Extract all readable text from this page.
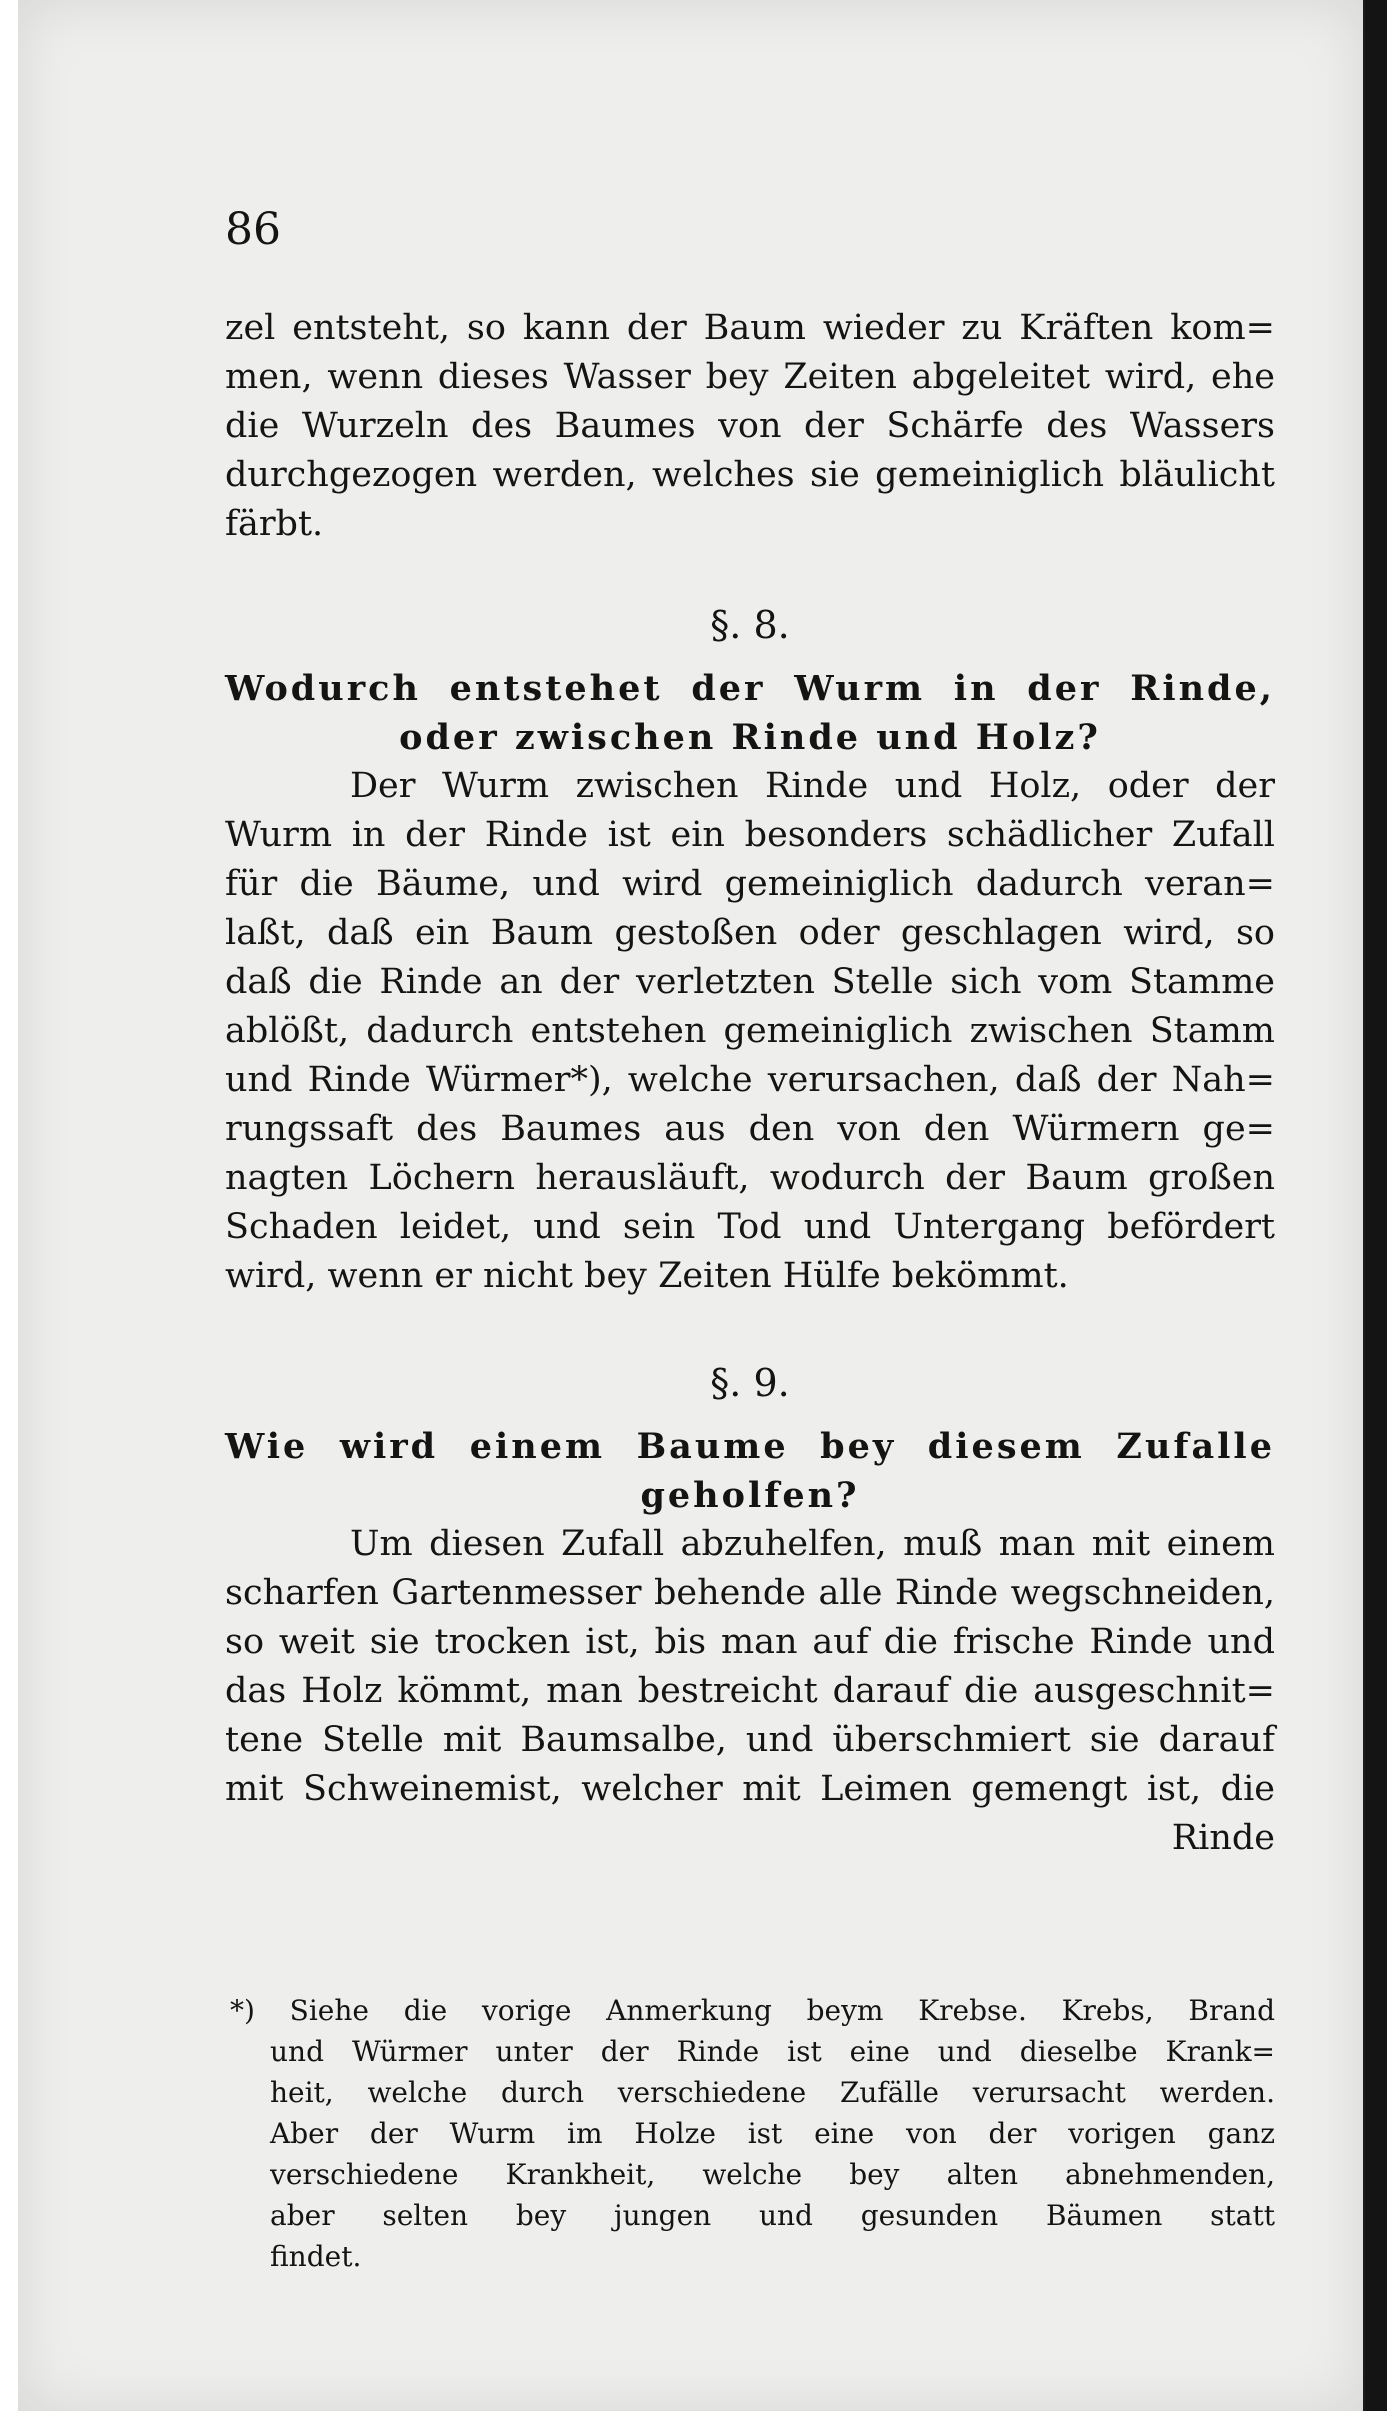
86

zel entsteht, so kann der Baum wieder zu Kräften kom=

men, wenn dieses Wasser bey Zeiten abgeleitet wird, ehe

die Wurzeln des Baumes von der Schärfe des Wassers

durchgezogen werden, welches sie gemeiniglich bläulicht

färbt.

§. 8.

Wodurch entstehet der Wurm in der Rinde,

oder zwischen Rinde und Holz?

Der Wurm zwischen Rinde und Holz, oder der

Wurm in der Rinde ist ein besonders schädlicher Zufall

für die Bäume, und wird gemeiniglich dadurch veran=

laßt, daß ein Baum gestoßen oder geschlagen wird, so

daß die Rinde an der verletzten Stelle sich vom Stamme

ablößt, dadurch entstehen gemeiniglich zwischen Stamm

und Rinde Würmer*), welche verursachen, daß der Nah=

rungssaft des Baumes aus den von den Würmern ge=

nagten Löchern herausläuft, wodurch der Baum großen

Schaden leidet, und sein Tod und Untergang befördert

wird, wenn er nicht bey Zeiten Hülfe bekömmt.

§. 9.

Wie wird einem Baume bey diesem Zufalle

geholfen?

Um diesen Zufall abzuhelfen, muß man mit einem

scharfen Gartenmesser behende alle Rinde wegschneiden,

so weit sie trocken ist, bis man auf die frische Rinde und

das Holz kömmt, man bestreicht darauf die ausgeschnit=

tene Stelle mit Baumsalbe, und überschmiert sie darauf

mit Schweinemist, welcher mit Leimen gemengt ist, die

Rinde

*) Siehe die vorige Anmerkung beym Krebse. Krebs, Brand

und Würmer unter der Rinde ist eine und dieselbe Krank=

heit, welche durch verschiedene Zufälle verursacht werden.

Aber der Wurm im Holze ist eine von der vorigen ganz

verschiedene Krankheit, welche bey alten abnehmenden,

aber selten bey jungen und gesunden Bäumen statt

findet.
